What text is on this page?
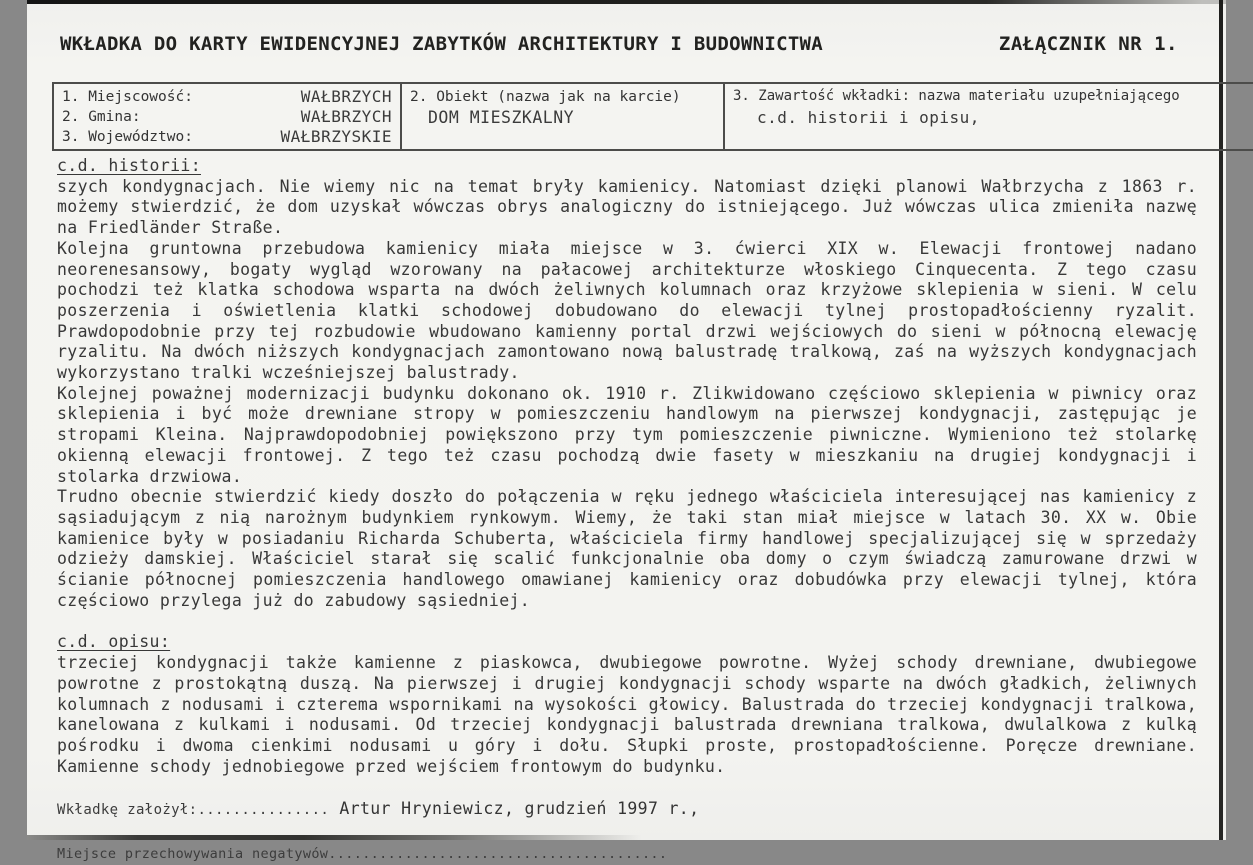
WKŁADKA DO KARTY EWIDENCYJNEJ ZABYTKÓW ARCHITEKTURY I BUDOWNICTWA	ZAŁĄCZNIK NR 1.
1. Miejscowość:	WAŁBRZYCH
2. Gmina:	WAŁBRZYCH
3. Województwo:	WAŁBRZYSKIE

2. Obiekt (nazwa jak na karcie)
DOM MIESZKALNY

3. Zawartość wkładki: nazwa materiału uzupełniającego
c.d. historii i opisu,
c.d. historii:

szych kondygnacjach. Nie wiemy nic na temat bryły kamienicy. Natomiast dzięki planowi Wałbrzycha z 1863 r. możemy stwierdzić, że dom uzyskał wówczas obrys analogiczny do istniejącego. Już wówczas ulica zmieniła nazwę na Friedländer Straße.

Kolejna gruntowna przebudowa kamienicy miała miejsce w 3. ćwierci XIX w. Elewacji frontowej nadano neorenesansowy, bogaty wygląd wzorowany na pałacowej architekturze włoskiego Cinquecenta. Z tego czasu pochodzi też klatka schodowa wsparta na dwóch żeliwnych kolumnach oraz krzyżowe sklepienia w sieni. W celu poszerzenia i oświetlenia klatki schodowej dobudowano do elewacji tylnej prostopadłościenny ryzalit. Prawdopodobnie przy tej rozbudowie wbudowano kamienny portal drzwi wejściowych do sieni w północną elewację ryzalitu. Na dwóch niższych kondygnacjach zamontowano nową balustradę tralkową, zaś na wyższych kondygnacjach wykorzystano tralki wcześniejszej balustrady.

Kolejnej poważnej modernizacji budynku dokonano ok. 1910 r. Zlikwidowano częściowo sklepienia w piwnicy oraz sklepienia i być może drewniane stropy w pomieszczeniu handlowym na pierwszej kondygnacji, zastępując je stropami Kleina. Najprawdopodobniej powiększono przy tym pomieszczenie piwniczne. Wymieniono też stolarkę okienną elewacji frontowej. Z tego też czasu pochodzą dwie fasety w mieszkaniu na drugiej kondygnacji i stolarka drzwiowa.

Trudno obecnie stwierdzić kiedy doszło do połączenia w ręku jednego właściciela interesującej nas kamienicy z sąsiadującym z nią narożnym budynkiem rynkowym. Wiemy, że taki stan miał miejsce w latach 30. XX w. Obie kamienice były w posiadaniu Richarda Schuberta, właściciela firmy handlowej specjalizującej się w sprzedaży odzieży damskiej. Właściciel starał się scalić funkcjonalnie oba domy o czym świadczą zamurowane drzwi w ścianie północnej pomieszczenia handlowego omawianej kamienicy oraz dobudówka przy elewacji tylnej, która częściowo przylega już do zabudowy sąsiedniej.

c.d. opisu:

trzeciej kondygnacji także kamienne z piaskowca, dwubiegowe powrotne. Wyżej schody drewniane, dwubiegowe powrotne z prostokątną duszą. Na pierwszej i drugiej kondygnacji schody wsparte na dwóch gładkich, żeliwnych kolumnach z nodusami i czterema wspornikami na wysokości głowicy. Balustrada do trzeciej kondygnacji tralkowa, kanelowana z kulkami i nodusami. Od trzeciej kondygnacji balustrada drewniana tralkowa, dwulalkowa z kulką pośrodku i dwoma cienkimi nodusami u góry i dołu. Słupki proste, prostopadłościenne. Poręcze drewniane. Kamienne schody jednobiegowe przed wejściem frontowym do budynku.

Wkładkę założył:............... Artur Hryniewicz, grudzień 1997 r.,
Miejsce przechowywania negatywów........................................
